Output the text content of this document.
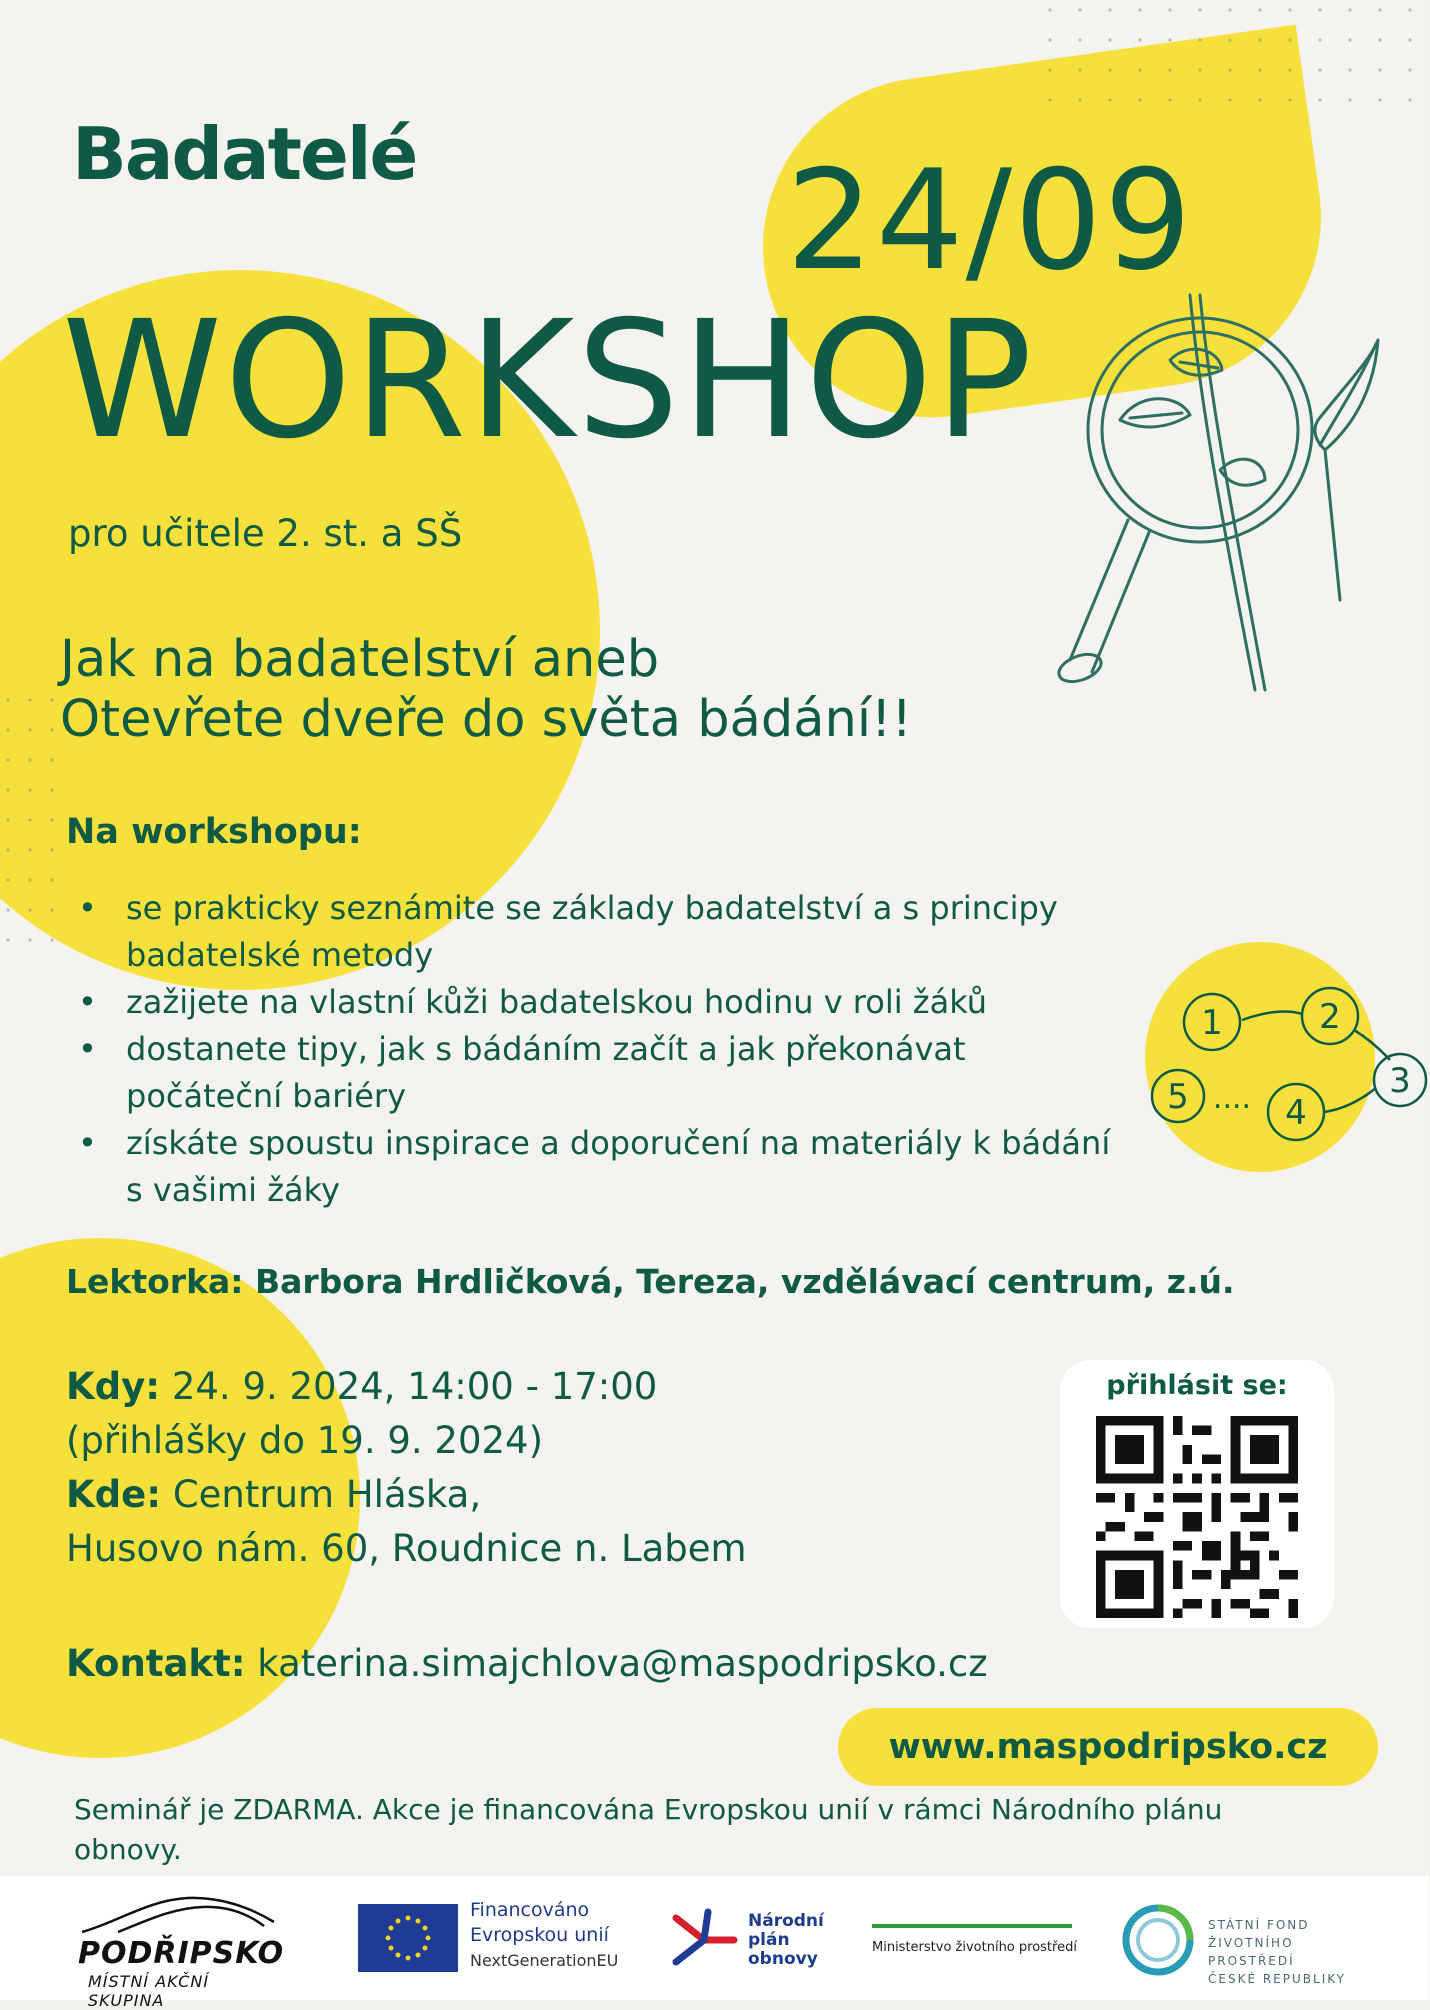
1	2
3
4
5 ....
Badatelé	24/09
WORKSHOP
pro učitele 2. st. a SŠ
Jak na badatelství aneb
Otevřete dveře do světa bádání!!
Na workshopu:
• se prakticky seznámite se základy badatelství a s principy badatelské metody
• zažijete na vlastní kůži badatelskou hodinu v roli žáků
• dostanete tipy, jak s bádáním začít a jak překonávat počáteční bariéry
• získáte spoustu inspirace a doporučení na materiály k bádání s vašimi žáky
Lektorka: Barbora Hrdličková, Tereza, vzdělávací centrum, z.ú.
Kdy: 24. 9. 2024, 14:00 - 17:00
(přihlášky do 19. 9. 2024)
Kde: Centrum Hláska,
Husovo nám. 60, Roudnice n. Labem
Kontakt: katerina.simajchlova@maspodripsko.cz
www.maspodripsko.cz
přihlásit se:
Seminář je ZDARMA. Akce je financována Evropskou unií v rámci Národního plánu obnovy.
PODŘIPSKO
MÍSTNÍ AKČNÍ SKUPINA
Financováno
Evropskou unií
NextGenerationEU
Národní
plán
obnovy
Ministerstvo životního prostředí
STÁTNÍ FOND
ŽIVOTNÍHO PROSTŘEDÍ
ČESKÉ REPUBLIKY
